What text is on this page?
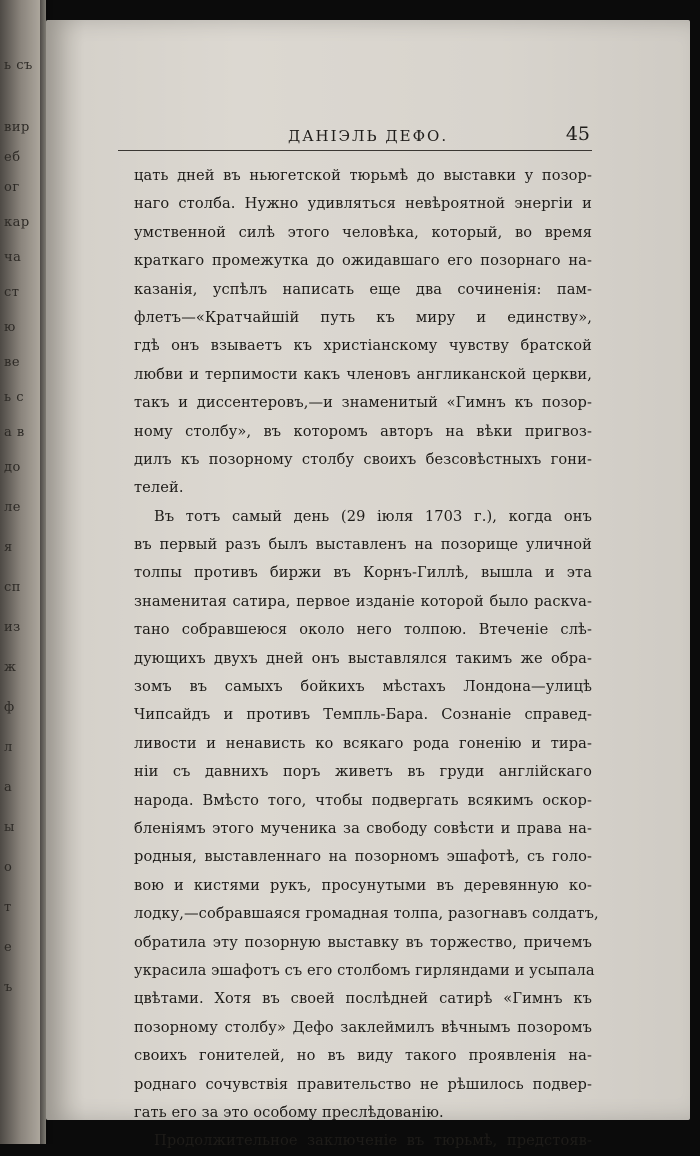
ь съ
вир
еб
ог
кар
ча
ст
ю
ве
ь с
а в
до
ле
я
сп
из
ж
ф
л
а
ы
о
т
е
ъ
ДАНІЭЛЬ ДЕФО.	45
цать дней въ ньюгетской тюрьмѣ до выставки у позор-
наго столба. Нужно удивляться невѣроятной энергіи и
умственной силѣ этого человѣка, который, во время
краткаго промежутка до ожидавшаго его позорнаго на-
казанія, успѣлъ написать еще два сочиненія: пам-
флетъ—«Кратчайшій путь къ миру и единству»,
гдѣ онъ взываетъ къ христіанскому чувству братской
любви и терпимости какъ членовъ англиканской церкви,
такъ и диссентеровъ,—и знаменитый «Гимнъ къ позор-
ному столбу», въ которомъ авторъ на вѣки пригвоз-
дилъ къ позорному столбу своихъ безсовѣстныхъ гони-
телей.
Въ тотъ самый день (29 іюля 1703 г.), когда онъ
въ первый разъ былъ выставленъ на позорище уличной
толпы противъ биржи въ Корнъ-Гиллѣ, вышла и эта
знаменитая сатира, первое изданіе которой было раскva-
тано собравшеюся около него толпою. Втеченіе слѣ-
дующихъ двухъ дней онъ выставлялся такимъ же обра-
зомъ въ самыхъ бойкихъ мѣстахъ Лондона—улицѣ
Чипсайдъ и противъ Темпль-Бара. Сознаніе справед-
ливости и ненависть ко всякаго рода гоненію и тира-
ніи съ давнихъ поръ живетъ въ груди англійскаго
народа. Вмѣсто того, чтобы подвергать всякимъ оскор-
бленіямъ этого мученика за свободу совѣсти и права на-
родныя, выставленнаго на позорномъ эшафотѣ, съ голо-
вою и кистями рукъ, просунутыми въ деревянную ко-
лодку,—собравшаяся громадная толпа, разогнавъ солдатъ,
обратила эту позорную выставку въ торжество, причемъ
украсила эшафотъ съ его столбомъ гирляндами и усыпала
цвѣтами. Хотя въ своей послѣдней сатирѣ «Гимнъ къ
позорному столбу» Дефо заклеймилъ вѣчнымъ позоромъ
своихъ гонителей, но въ виду такого проявленія на-
роднаго сочувствія правительство не рѣшилось подвер-
гать его за это особому преслѣдованію.
Продолжительное заключеніе въ тюрьмѣ, предстояв-
